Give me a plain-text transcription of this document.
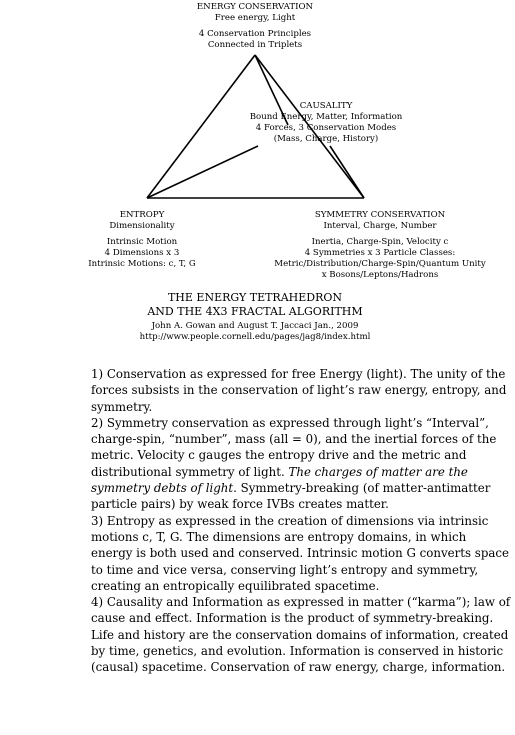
ENERGY CONSERVATION
Free energy, Light
4 Conservation Principles
Connected in Triplets
CAUSALITY
Bound Energy, Matter, Information
4 Forces, 3 Conservation Modes
(Mass, Charge, History)
ENTROPY
Dimensionality
Intrinsic Motion
4 Dimensions x 3
Intrinsic Motions: c, T, G
SYMMETRY CONSERVATION
Interval, Charge, Number
Inertia, Charge-Spin, Velocity c
4 Symmetries x 3 Particle Classes:
Metric/Distribution/Charge-Spin/Quantum Unity
x Bosons/Leptons/Hadrons
THE ENERGY TETRAHEDRON
AND THE 4X3 FRACTAL ALGORITHM
John A. Gowan and August T. Jaccaci Jan., 2009
http://www.people.cornell.edu/pages/jag8/index.html

1) Conservation as expressed for free Energy (light). The unity of the forces subsists in the conservation of light’s raw energy, entropy, and symmetry.

2) Symmetry conservation as expressed through light’s “Interval”, charge-spin, “number”, mass (all = 0), and the inertial forces of the metric. Velocity c gauges the entropy drive and the metric and distributional symmetry of light. The charges of matter are the symmetry debts of light. Symmetry-breaking (of matter-antimatter particle pairs) by weak force IVBs creates matter.

3) Entropy as expressed in the creation of dimensions via intrinsic motions c, T, G. The dimensions are entropy domains, in which energy is both used and conserved. Intrinsic motion G converts space to time and vice versa, conserving light’s entropy and symmetry, creating an entropically equilibrated spacetime.

4) Causality and Information as expressed in matter (“karma”); law of cause and effect. Information is the product of symmetry-breaking. Life and history are the conservation domains of information, created by time, genetics, and evolution. Information is conserved in historic (causal) spacetime. Conservation of raw energy, charge, information.
